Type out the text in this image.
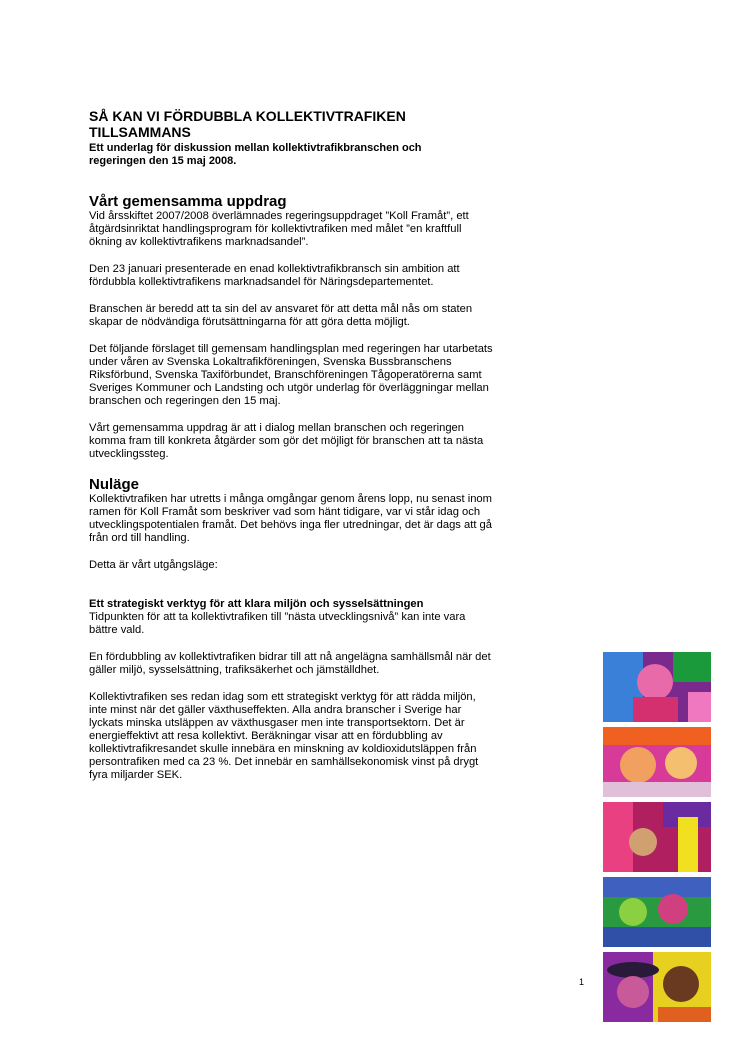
SÅ KAN VI FÖRDUBBLA KOLLEKTIVTRAFIKEN
TILLSAMMANS

Ett underlag för diskussion mellan kollektivtrafikbranschen och
regeringen den 15 maj 2008.

Vårt gemensamma uppdrag

Vid årsskiftet 2007/2008 överlämnades regeringsuppdraget ”Koll Framåt”, ett
åtgärdsinriktat handlingsprogram för kollektivtrafiken med målet ”en kraftfull
ökning av kollektivtrafikens marknadsandel”.

Den 23 januari presenterade en enad kollektivtrafikbransch sin ambition att
fördubbla kollektivtrafikens marknadsandel för Näringsdepartementet.

Branschen är beredd att ta sin del av ansvaret för att detta mål nås om staten
skapar de nödvändiga förutsättningarna för att göra detta möjligt.

Det följande förslaget till gemensam handlingsplan med regeringen har utarbetats
under våren av Svenska Lokaltrafikföreningen, Svenska Bussbranschens
Riksförbund, Svenska Taxiförbundet, Branschföreningen Tågoperatörerna samt
Sveriges Kommuner och Landsting och utgör underlag för överläggningar mellan
branschen och regeringen den 15 maj.

Vårt gemensamma uppdrag är att i dialog mellan branschen och regeringen
komma fram till konkreta åtgärder som gör det möjligt för branschen att ta nästa
utvecklingssteg.

Nuläge

Kollektivtrafiken har utretts i många omgångar genom årens lopp, nu senast inom
ramen för Koll Framåt som beskriver vad som hänt tidigare, var vi står idag och
utvecklingspotentialen framåt. Det behövs inga fler utredningar, det är dags att gå
från ord till handling.

Detta är vårt utgångsläge:

Ett strategiskt verktyg för att klara miljön och sysselsättningen
Tidpunkten för att ta kollektivtrafiken till ”nästa utvecklingsnivå” kan inte vara
bättre vald.

En fördubbling av kollektivtrafiken bidrar till att nå angelägna samhällsmål när det
gäller miljö, sysselsättning, trafiksäkerhet och jämställdhet.

Kollektivtrafiken ses redan idag som ett strategiskt verktyg för att rädda miljön,
inte minst när det gäller växthuseffekten. Alla andra branscher i Sverige har
lyckats minska utsläppen av växthusgaser men inte transportsektorn. Det är
energieffektivt att resa kollektivt. Beräkningar visar att en fördubbling av
kollektivtrafikresandet skulle innebära en minskning av koldioxidutsläppen från
persontrafiken med ca 23 %. Det innebär en samhällsekonomisk vinst på drygt
fyra miljarder SEK.

1
